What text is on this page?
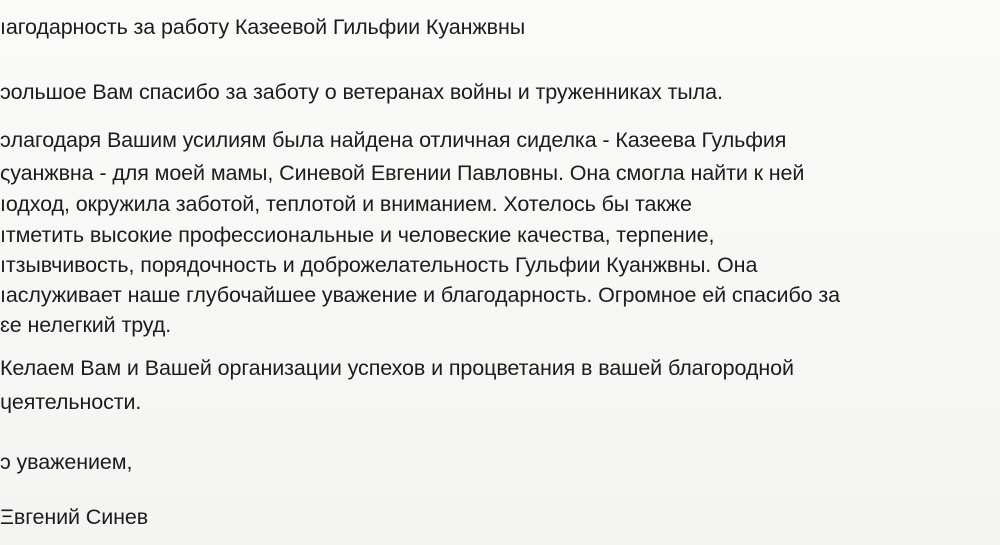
ıагодарность за работу Казеевой Гильфии Куанжвны
ɔольшое Вам спасибо за заботу о ветеранах войны и труженниках тыла.
ɔлагодаря Вашим усилиям была найдена отличная сиделка - Казеева Гульфия
ςуанжвна - для моей мамы, Синевой Евгении Павловны. Она смогла найти к ней
ıодход, окружила заботой, теплотой и вниманием. Хотелось бы также
ıтметить высокие профессиональные и человеские качества, терпение,
ıтзывчивость, порядочность и доброжелательность Гульфии Куанжвны. Она
ıаслуживает наше глубочайшее уважение и благодарность. Огромное ей спасибо за
ɛе нелегкий труд.
Келаем Вам и Вашей организации успехов и процветания в вашей благородной
ɥеятельности.
ɔ уважением,
Ξвгений Синев
